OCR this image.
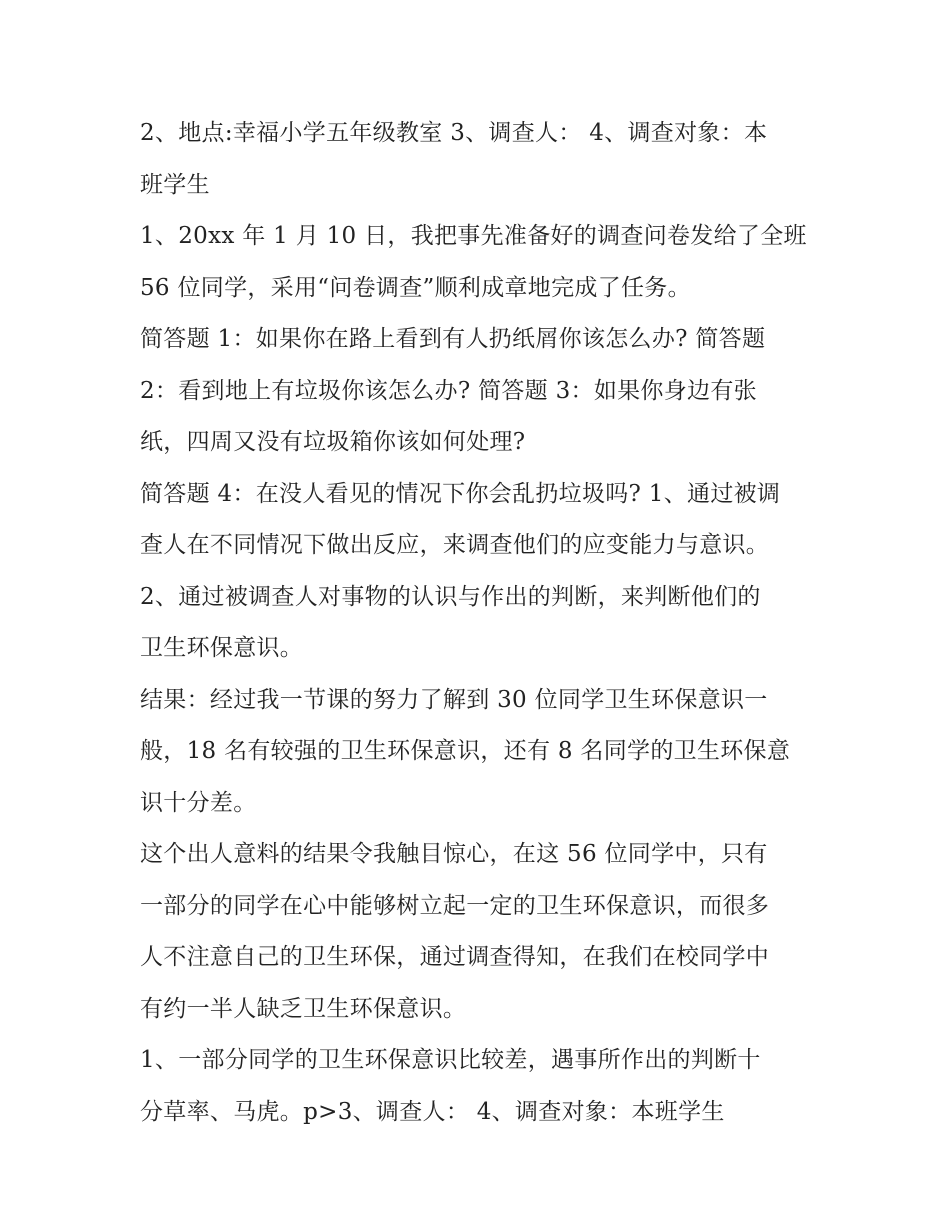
2、地点:幸福小学五年级教室 3、调查人： 4、调查对象：本
班学生

1、20xx 年 1 月 10 日，我把事先准备好的调查问卷发给了全班
56 位同学，采用“问卷调查”顺利成章地完成了任务。

简答题 1：如果你在路上看到有人扔纸屑你该怎么办? 简答题
2：看到地上有垃圾你该怎么办? 简答题 3：如果你身边有张
纸，四周又没有垃圾箱你该如何处理?

简答题 4：在没人看见的情况下你会乱扔垃圾吗? 1、通过被调
查人在不同情况下做出反应，来调查他们的应变能力与意识。
2、通过被调查人对事物的认识与作出的判断，来判断他们的
卫生环保意识。

结果：经过我一节课的努力了解到 30 位同学卫生环保意识一
般，18 名有较强的卫生环保意识，还有 8 名同学的卫生环保意
识十分差。

这个出人意料的结果令我触目惊心，在这 56 位同学中，只有
一部分的同学在心中能够树立起一定的卫生环保意识，而很多
人不注意自己的卫生环保，通过调查得知，在我们在校同学中
有约一半人缺乏卫生环保意识。

1、一部分同学的卫生环保意识比较差，遇事所作出的判断十
分草率、马虎。p>3、调查人： 4、调查对象：本班学生
